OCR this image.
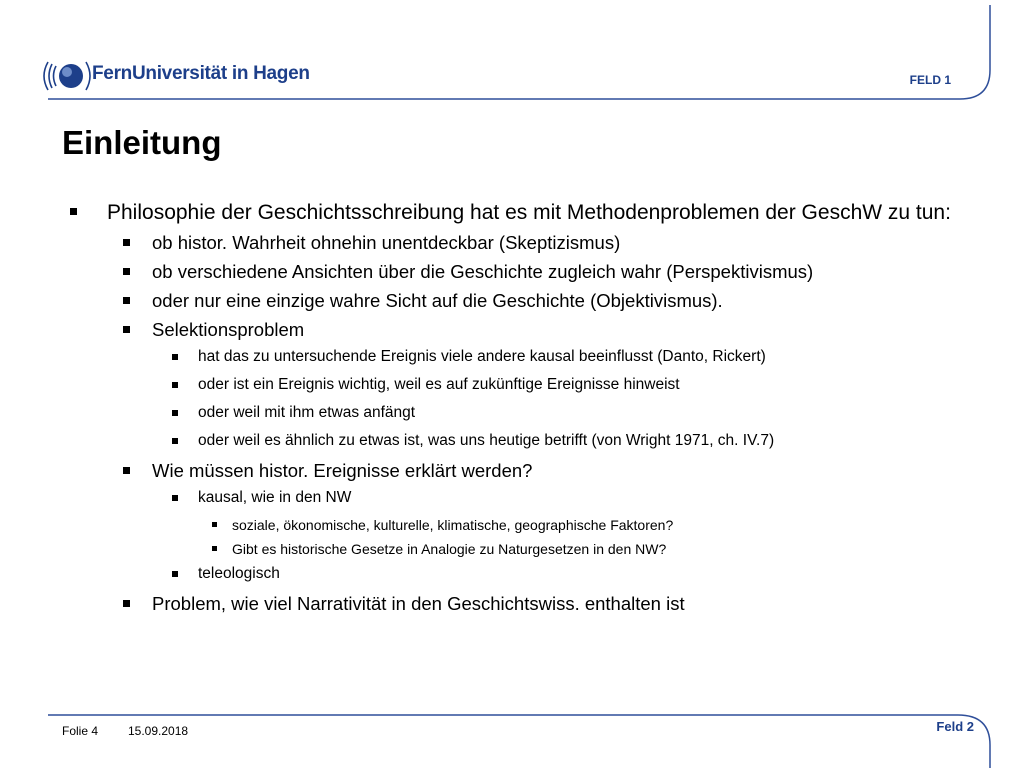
FernUniversität in Hagen	FELD 1
Einleitung
Philosophie der Geschichtsschreibung hat es mit Methodenproblemen der GeschW zu tun:
ob histor. Wahrheit ohnehin unentdeckbar (Skeptizismus)
ob verschiedene Ansichten über die Geschichte zugleich wahr (Perspektivismus)
oder nur eine einzige wahre Sicht auf die Geschichte (Objektivismus).
Selektionsproblem
hat das zu untersuchende Ereignis viele andere kausal beeinflusst (Danto, Rickert)
oder ist ein Ereignis wichtig, weil es auf zukünftige Ereignisse hinweist
oder weil mit ihm etwas anfängt
oder weil es ähnlich zu etwas ist, was uns heutige betrifft (von Wright 1971, ch. IV.7)
Wie müssen histor. Ereignisse erklärt werden?
kausal, wie in den NW
soziale, ökonomische, kulturelle, klimatische, geographische Faktoren?
Gibt es historische Gesetze in Analogie zu Naturgesetzen in den NW?
teleologisch
Problem, wie viel Narrativität in den Geschichtswiss. enthalten ist
Folie 4 15.09.2018	Feld 2
